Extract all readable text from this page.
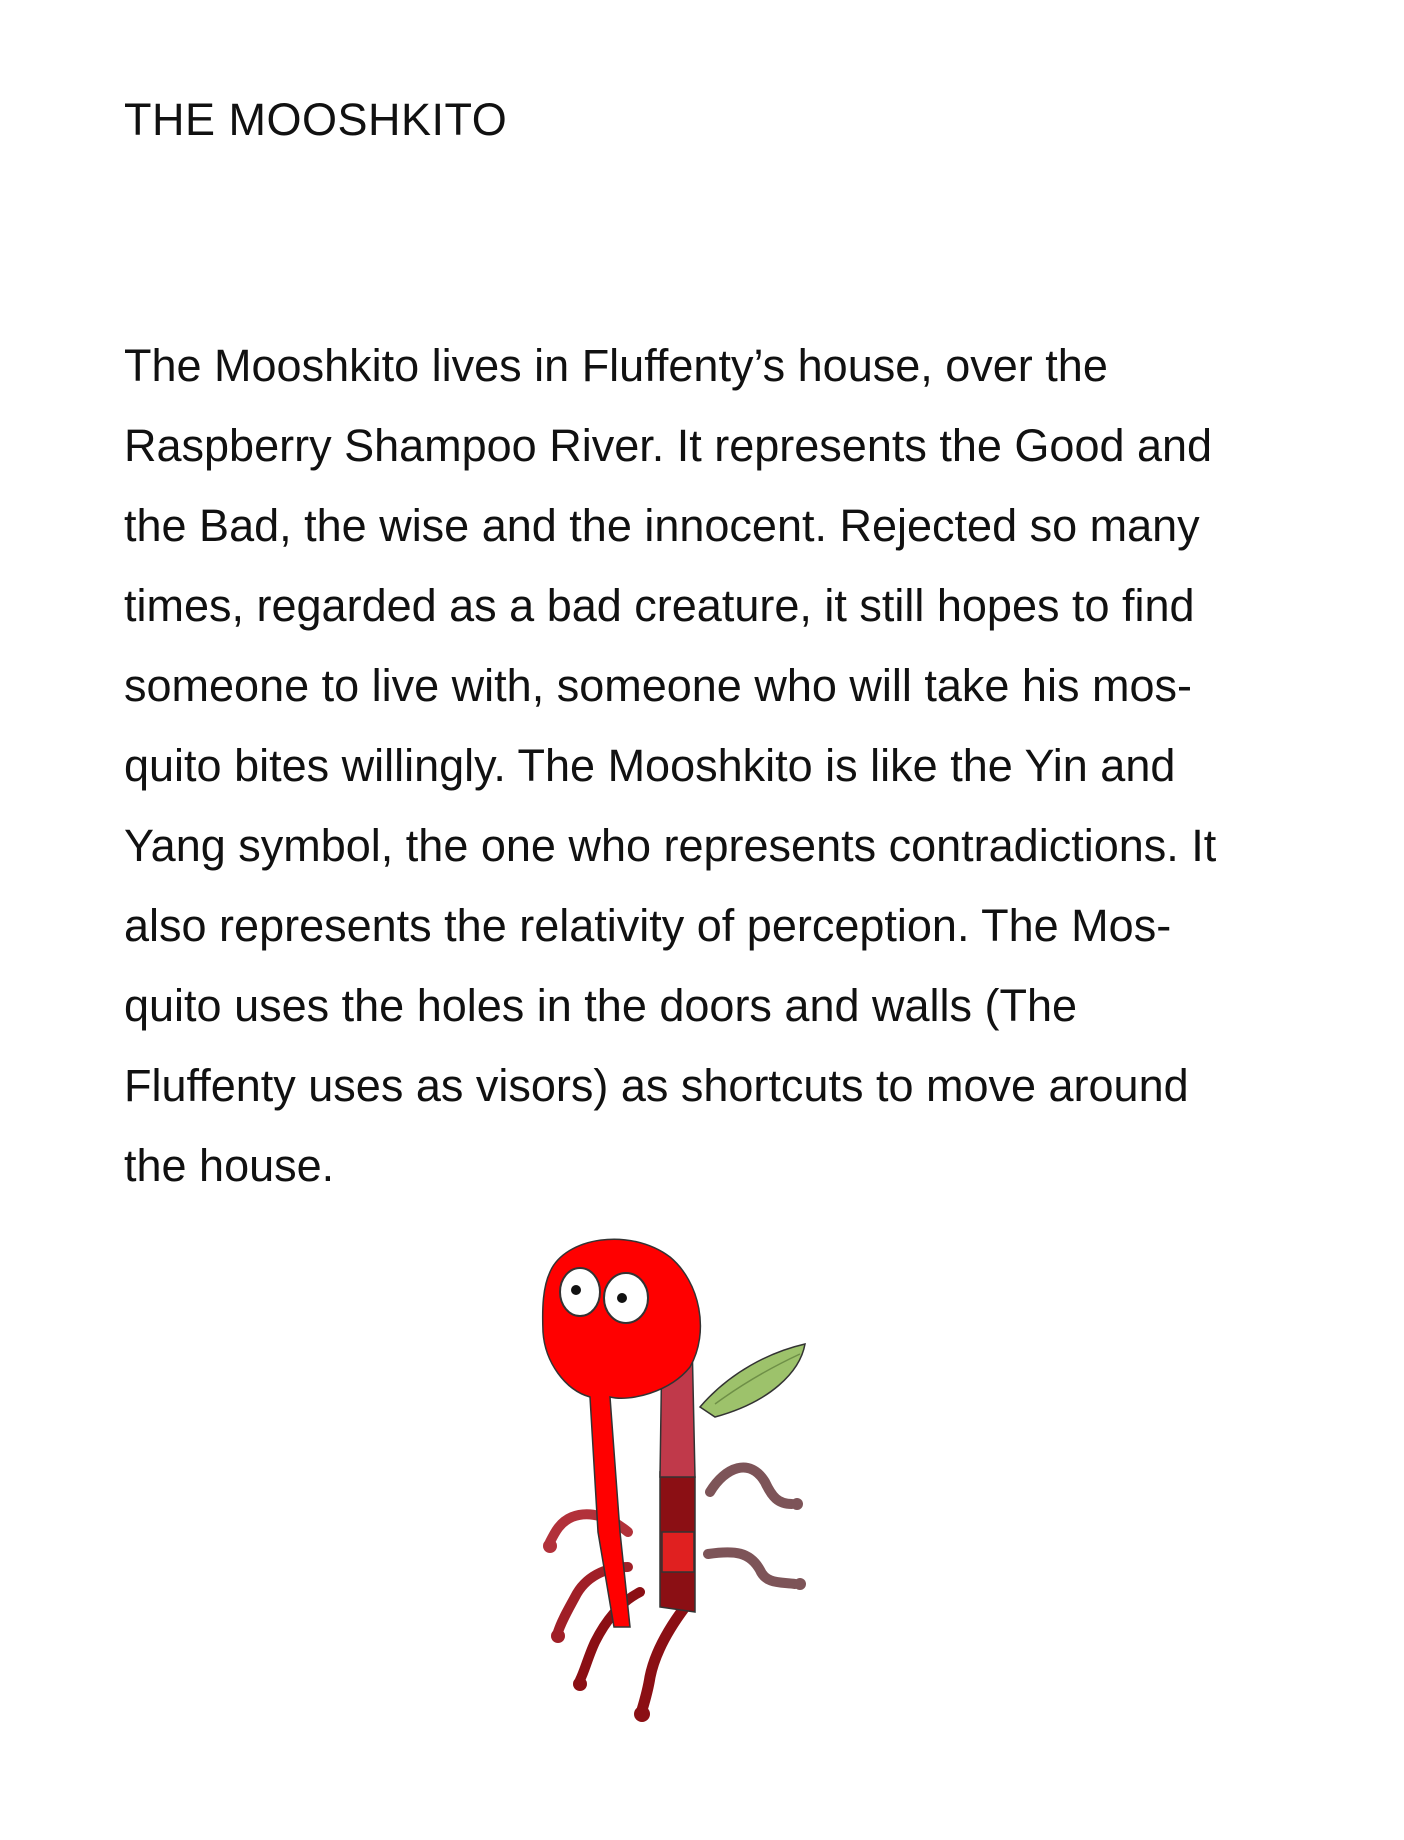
THE MOOSHKITO

The Mooshkito lives in Fluffenty’s house, over the

Raspberry Shampoo River. It represents the Good and

the Bad, the wise and the innocent. Rejected so many

times, regarded as a bad creature, it still hopes to find

someone to live with, someone who will take his mos-

quito bites willingly. The Mooshkito is like the Yin and

Yang symbol, the one who represents contradictions. It

also represents the relativity of perception. The Mos-

quito uses the holes in the doors and walls (The

Fluffenty uses as visors) as shortcuts to move around

the house.
